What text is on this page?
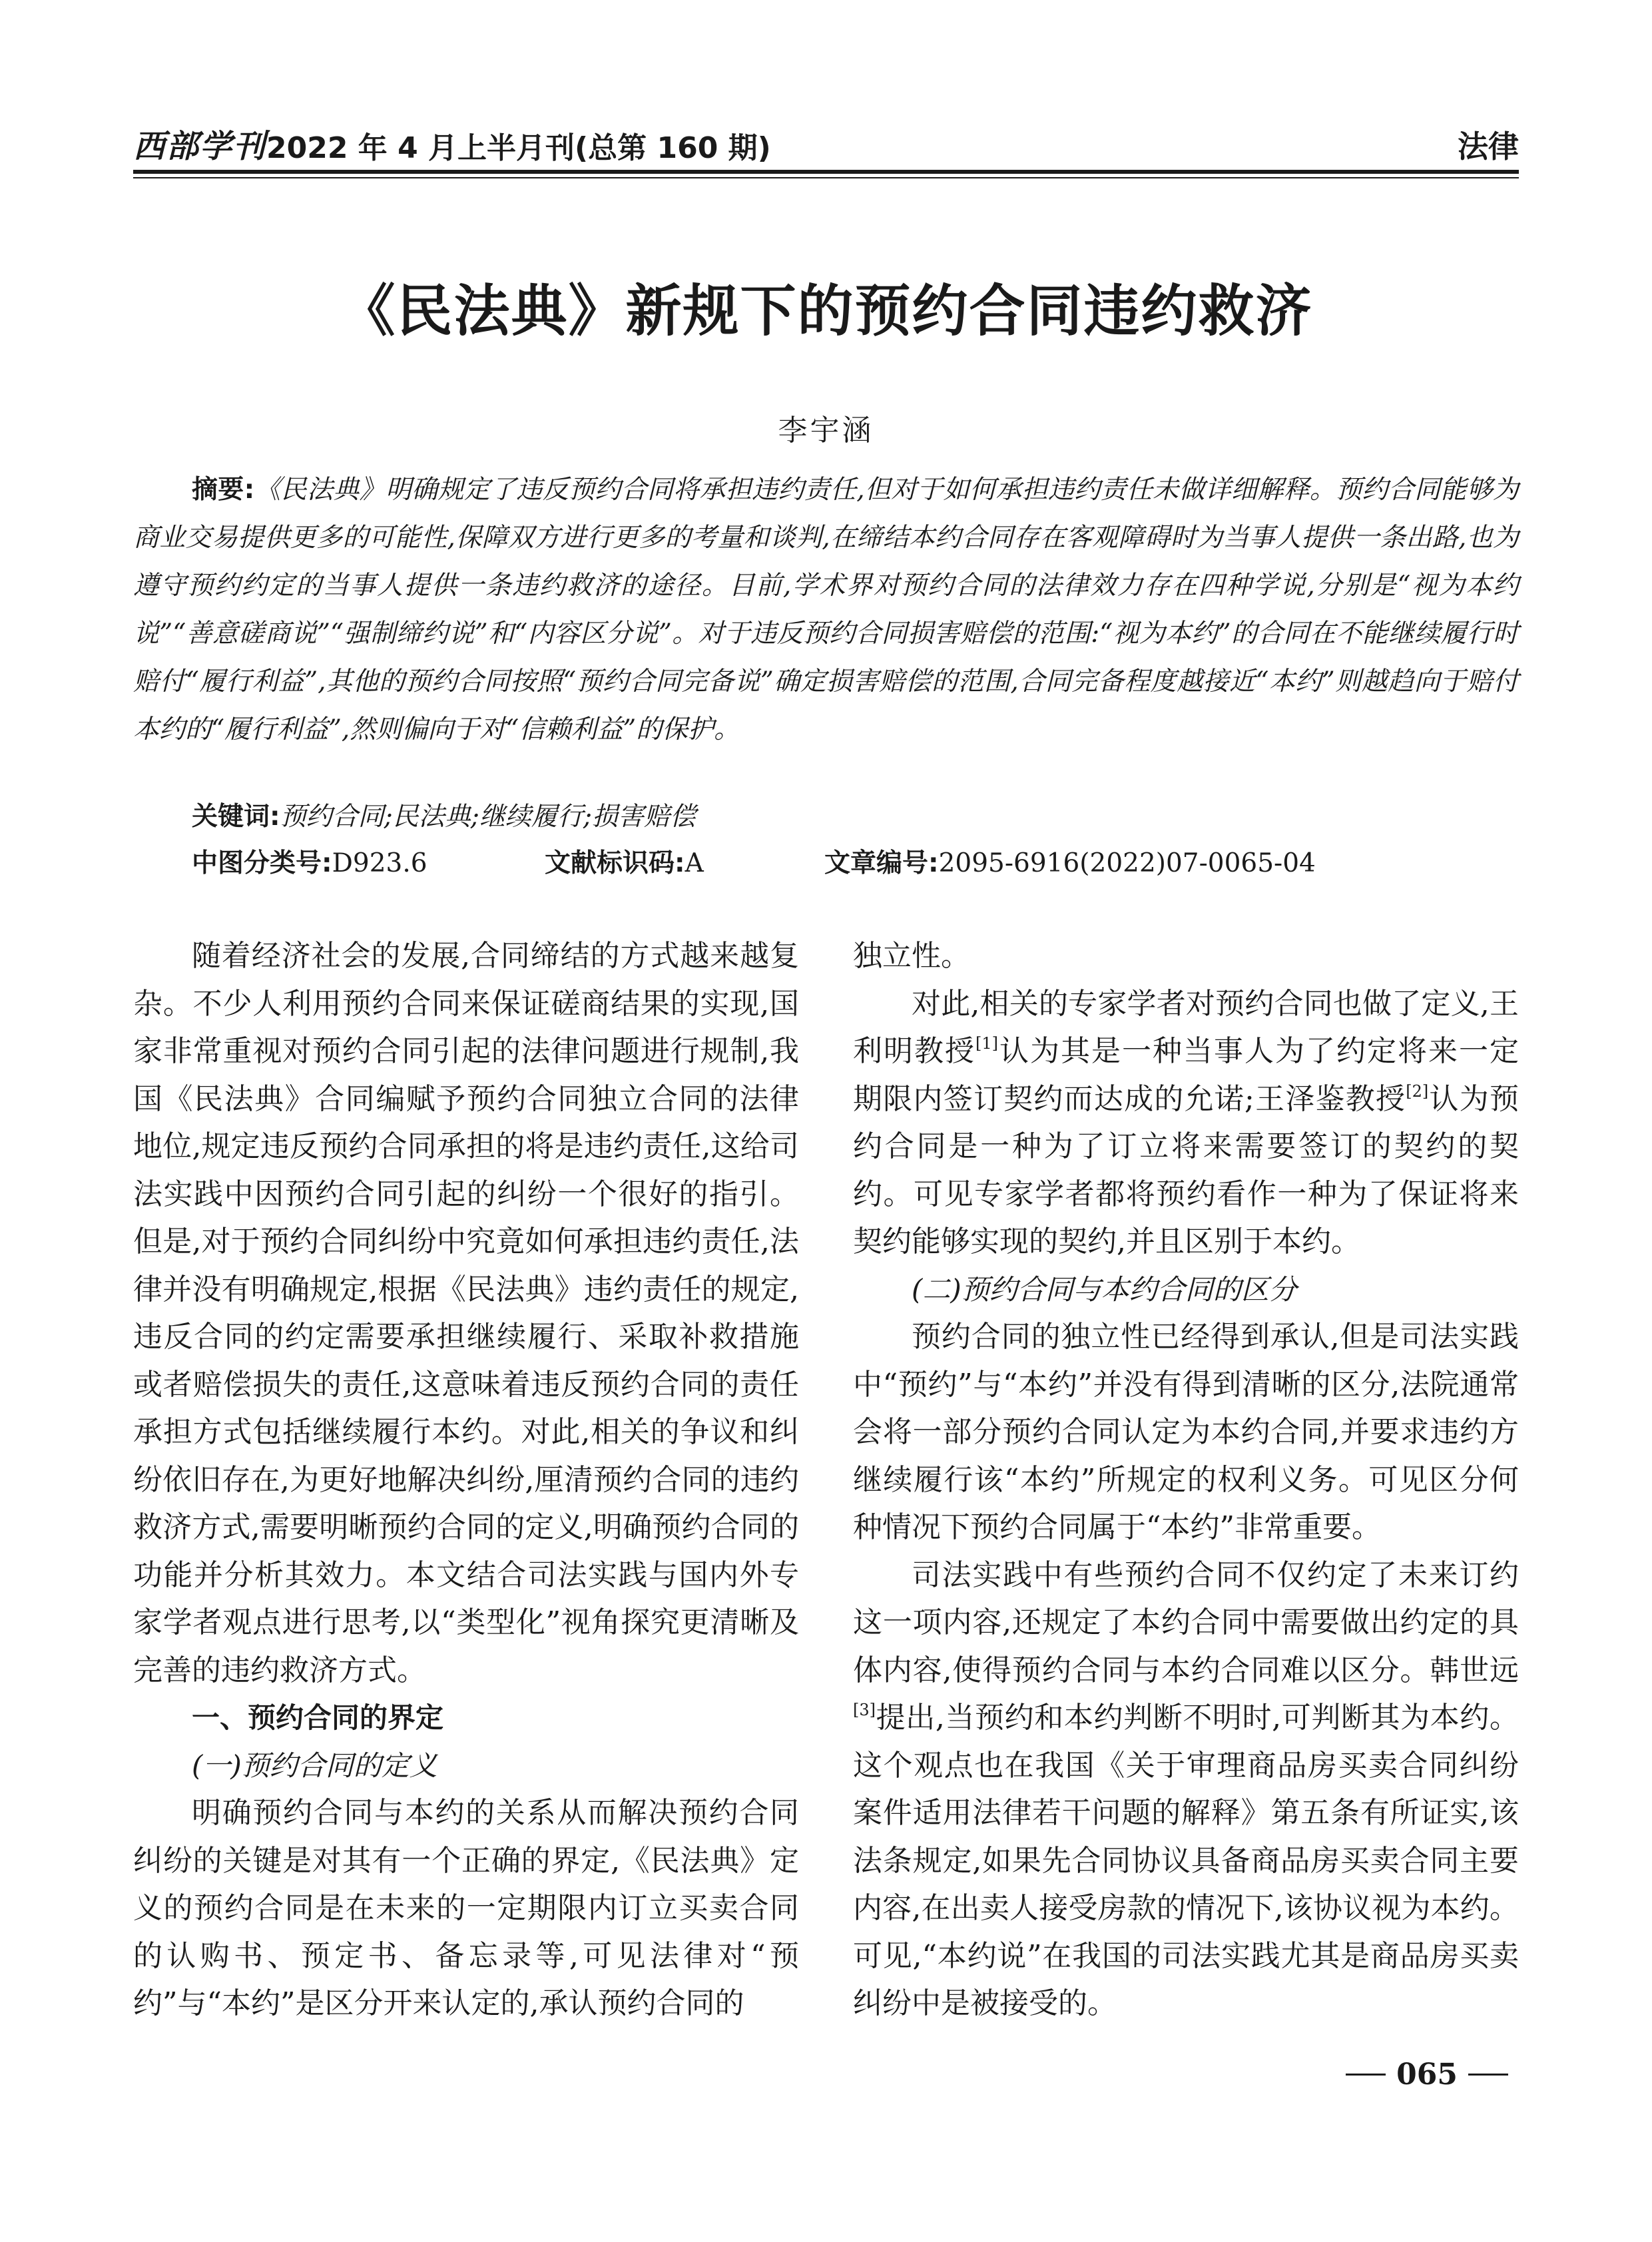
西部学刊 2022 年 4 月上半月刊(总第 160 期)	法律
《民法典》新规下的预约合同违约救济
李宇涵
摘要:《民法典》明确规定了违反预约合同将承担违约责任,但对于如何承担违约责任未做详细解释。预约合同能够为商业交易提供更多的可能性,保障双方进行更多的考量和谈判,在缔结本约合同存在客观障碍时为当事人提供一条出路,也为遵守预约约定的当事人提供一条违约救济的途径。目前,学术界对预约合同的法律效力存在四种学说,分别是“视为本约说”“善意磋商说”“强制缔约说”和“内容区分说”。对于违反预约合同损害赔偿的范围:“视为本约”的合同在不能继续履行时赔付“履行利益”,其他的预约合同按照“预约合同完备说”确定损害赔偿的范围,合同完备程度越接近“本约”则越趋向于赔付本约的“履行利益”,然则偏向于对“信赖利益”的保护。
关键词:预约合同;民法典;继续履行;损害赔偿
中图分类号:D923.6	文献标识码:A	文章编号:2095-6916(2022)07-0065-04

随着经济社会的发展,合同缔结的方式越来越复杂。不少人利用预约合同来保证磋商结果的实现,国家非常重视对预约合同引起的法律问题进行规制,我国《民法典》合同编赋予预约合同独立合同的法律地位,规定违反预约合同承担的将是违约责任,这给司法实践中因预约合同引起的纠纷一个很好的指引。但是,对于预约合同纠纷中究竟如何承担违约责任,法律并没有明确规定,根据《民法典》违约责任的规定,违反合同的约定需要承担继续履行、采取补救措施或者赔偿损失的责任,这意味着违反预约合同的责任承担方式包括继续履行本约。对此,相关的争议和纠纷依旧存在,为更好地解决纠纷,厘清预约合同的违约救济方式,需要明晰预约合同的定义,明确预约合同的功能并分析其效力。本文结合司法实践与国内外专家学者观点进行思考,以“类型化”视角探究更清晰及完善的违约救济方式。

一、预约合同的界定

(一)预约合同的定义

明确预约合同与本约的关系从而解决预约合同纠纷的关键是对其有一个正确的界定,《民法典》定义的预约合同是在未来的一定期限内订立买卖合同的认购书、预定书、备忘录等,可见法律对“预约”与“本约”是区分开来认定的,承认预约合同的

独立性。

对此,相关的专家学者对预约合同也做了定义,王利明教授[1]认为其是一种当事人为了约定将来一定期限内签订契约而达成的允诺;王泽鉴教授[2]认为预约合同是一种为了订立将来需要签订的契约的契约。可见专家学者都将预约看作一种为了保证将来契约能够实现的契约,并且区别于本约。

(二)预约合同与本约合同的区分

预约合同的独立性已经得到承认,但是司法实践中“预约”与“本约”并没有得到清晰的区分,法院通常会将一部分预约合同认定为本约合同,并要求违约方继续履行该“本约”所规定的权利义务。可见区分何种情况下预约合同属于“本约”非常重要。

司法实践中有些预约合同不仅约定了未来订约这一项内容,还规定了本约合同中需要做出约定的具体内容,使得预约合同与本约合同难以区分。韩世远[3]提出,当预约和本约判断不明时,可判断其为本约。这个观点也在我国《关于审理商品房买卖合同纠纷案件适用法律若干问题的解释》第五条有所证实,该法条规定,如果先合同协议具备商品房买卖合同主要内容,在出卖人接受房款的情况下,该协议视为本约。可见,“本约说”在我国的司法实践尤其是商品房买卖纠纷中是被接受的。

065
